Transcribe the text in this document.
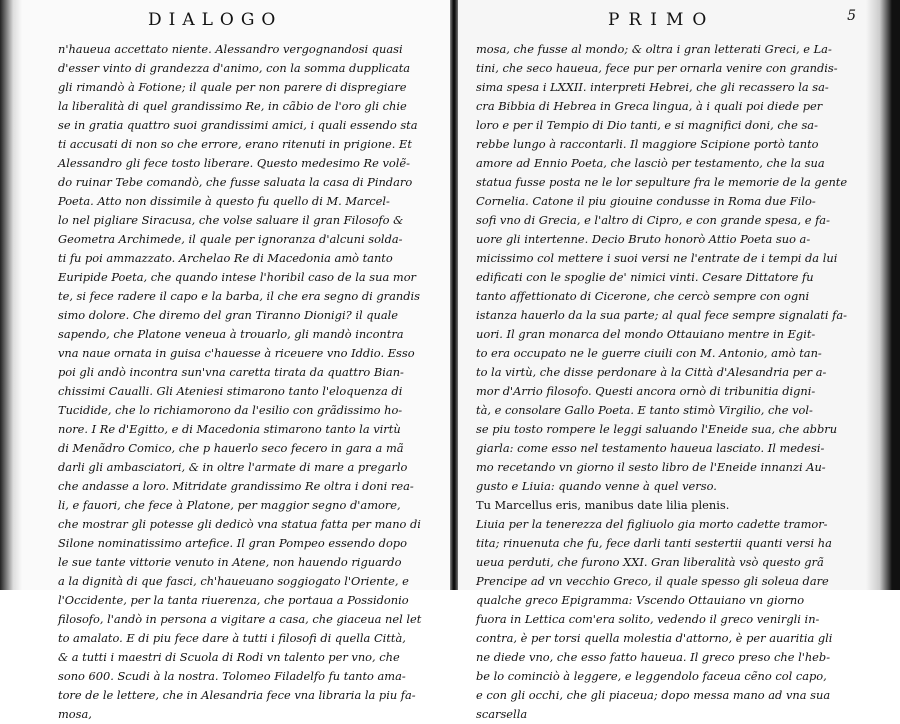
DIALOGO
n'haueua accettato niente. Alessandro vergognandosi quasi
d'esser vinto di grandezza d'animo, con la somma dupplicata
gli rimandò à Fotione; il quale per non parere di dispregiare
la liberalità di quel grandissimo Re, in cãbio de l'oro gli chie
se in gratia quattro suoi grandissimi amici, i quali essendo sta
ti accusati di non so che errore, erano ritenuti in prigione. Et
Alessandro gli fece tosto liberare. Questo medesimo Re volẽ-
do ruinar Tebe comandò, che fusse saluata la casa di Pindaro
Poeta. Atto non dissimile à questo fu quello di M. Marcel-
lo nel pigliare Siracusa, che volse saluare il gran Filosofo &
Geometra Archimede, il quale per ignoranza d'alcuni solda-
ti fu poi ammazzato. Archelao Re di Macedonia amò tanto
Euripide Poeta, che quando intese l'horibil caso de la sua mor
te, si fece radere il capo e la barba, il che era segno di grandis
simo dolore. Che diremo del gran Tiranno Dionigi? il quale
sapendo, che Platone veneua à trouarlo, gli mandò incontra
vna naue ornata in guisa c'hauesse à riceuere vno Iddio. Esso
poi gli andò incontra sun'vna caretta tirata da quattro Bian-
chissimi Caualli. Gli Ateniesi stimarono tanto l'eloquenza di
Tucidide, che lo richiamorono da l'esilio con grãdissimo ho-
nore. I Re d'Egitto, e di Macedonia stimarono tanto la virtù
di Menãdro Comico, che p hauerlo seco fecero in gara a mã
darli gli ambasciatori, & in oltre l'armate di mare a pregarlo
che andasse a loro. Mitridate grandissimo Re oltra i doni rea-
li, e fauori, che fece à Platone, per maggior segno d'amore,
che mostrar gli potesse gli dedicò vna statua fatta per mano di
Silone nominatissimo artefice. Il gran Pompeo essendo dopo
le sue tante vittorie venuto in Atene, non hauendo riguardo
a la dignità di que fasci, ch'haueuano soggiogato l'Oriente, e
l'Occidente, per la tanta riuerenza, che portaua a Possidonio
filosofo, l'andò in persona a vigitare a casa, che giaceua nel let
to amalato. E di piu fece dare à tutti i filosofi di quella Città,
& a tutti i maestri di Scuola di Rodi vn talento per vno, che
sono 600. Scudi à la nostra. Tolomeo Filadelfo fu tanto ama-
tore de le lettere, che in Alesandria fece vna libraria la piu fa-
mosa,
PRIMO	5
mosa, che fusse al mondo; & oltra i gran letterati Greci, e La-
tini, che seco haueua, fece pur per ornarla venire con grandis-
sima spesa i LXXII. interpreti Hebrei, che gli recassero la sa-
cra Bibbia di Hebrea in Greca lingua, à i quali poi diede per
loro e per il Tempio di Dio tanti, e si magnifici doni, che sa-
rebbe lungo à raccontarli. Il maggiore Scipione portò tanto
amore ad Ennio Poeta, che lasciò per testamento, che la sua
statua fusse posta ne le lor sepulture fra le memorie de la gente
Cornelia. Catone il piu giouine condusse in Roma due Filo-
sofi vno di Grecia, e l'altro di Cipro, e con grande spesa, e fa-
uore gli intertenne. Decio Bruto honorò Attio Poeta suo a-
micissimo col mettere i suoi versi ne l'entrate de i tempi da lui
edificati con le spoglie de' nimici vinti. Cesare Dittatore fu
tanto affettionato di Cicerone, che cercò sempre con ogni
istanza hauerlo da la sua parte; al qual fece sempre signalati fa-
uori. Il gran monarca del mondo Ottauiano mentre in Egit-
to era occupato ne le guerre ciuili con M. Antonio, amò tan-
to la virtù, che disse perdonare à la Città d'Alesandria per a-
mor d'Arrio filosofo. Questi ancora ornò di tribunitia digni-
tà, e consolare Gallo Poeta. E tanto stimò Virgilio, che vol-
se piu tosto rompere le leggi saluando l'Eneide sua, che abbru
giarla: come esso nel testamento haueua lasciato. Il medesi-
mo recetando vn giorno il sesto libro de l'Eneide innanzi Au-
gusto e Liuia: quando venne à quel verso.
Tu Marcellus eris, manibus date lilia plenis.
Liuia per la tenerezza del figliuolo gia morto cadette tramor-
tita; rinuenuta che fu, fece darli tanti sestertii quanti versi ha
ueua perduti, che furono XXI. Gran liberalità vsò questo grã
Prencipe ad vn vecchio Greco, il quale spesso gli soleua dare
qualche greco Epigramma: Vscendo Ottauiano vn giorno
fuora in Lettica com'era solito, vedendo il greco venirgli in-
contra, è per torsi quella molestia d'attorno, è per auaritia gli
ne diede vno, che esso fatto haueua. Il greco preso che l'heb-
be lo cominciò à leggere, e leggendolo faceua cẽno col capo,
e con gli occhi, che gli piaceua; dopo messa mano ad vna sua
scarsella
